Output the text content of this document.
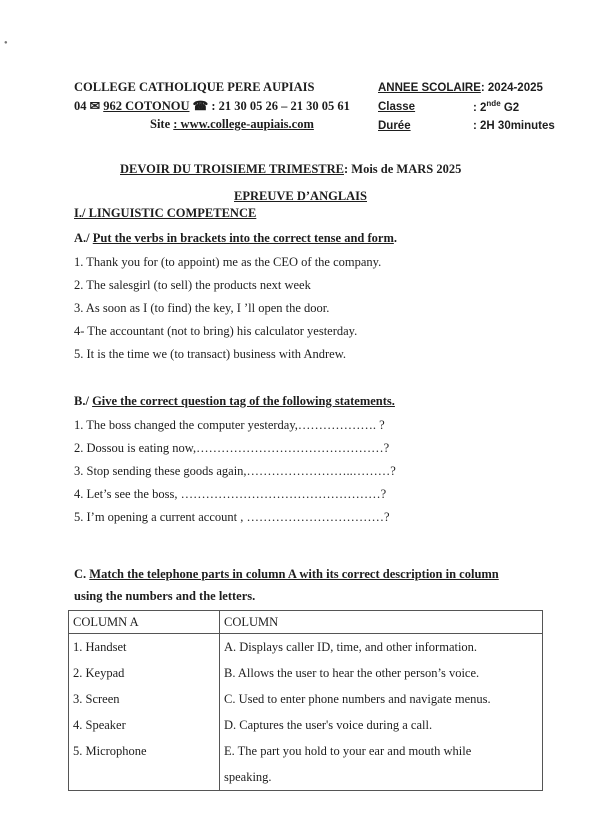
●
COLLEGE CATHOLIQUE PERE AUPIAIS
04 ✉ 962 COTONOU ☎ : 21 30 05 26 – 21 30 05 61
Site : www.college-aupiais.com
ANNEE SCOLAIRE: 2024-2025
Classe	: 2nde G2
Durée	: 2H 30minutes
DEVOIR DU TROISIEME TRIMESTRE: Mois de MARS 2025
EPREUVE D’ANGLAIS
I./ LINGUISTIC COMPETENCE
A./ Put the verbs in brackets into the correct tense and form.
1. Thank you for (to appoint) me as the CEO of the company.
2. The salesgirl (to sell) the products next week
3. As soon as I (to find) the key, I ’ll open the door.
4- The accountant (not to bring) his calculator yesterday.
5. It is the time we (to transact) business with Andrew.
B./ Give the correct question tag of the following statements.
1. The boss changed the computer yesterday,………………. ?
2. Dossou is eating now,………………………………………?
3. Stop sending these goods again,……………………..………?
4. Let’s see the boss, …………………………………………?
5. I’m opening a current account , ……………………………?
C. Match the telephone parts in column A with its correct description in column
using the numbers and the letters.
COLUMN A	COLUMN
1. Handset	A. Displays caller ID, time, and other information.
2. Keypad	B. Allows the user to hear the other person’s voice.
3. Screen	C. Used to enter phone numbers and navigate menus.
4. Speaker	D. Captures the user's voice during a call.
5. Microphone	E. The part you hold to your ear and mouth while
	speaking.
